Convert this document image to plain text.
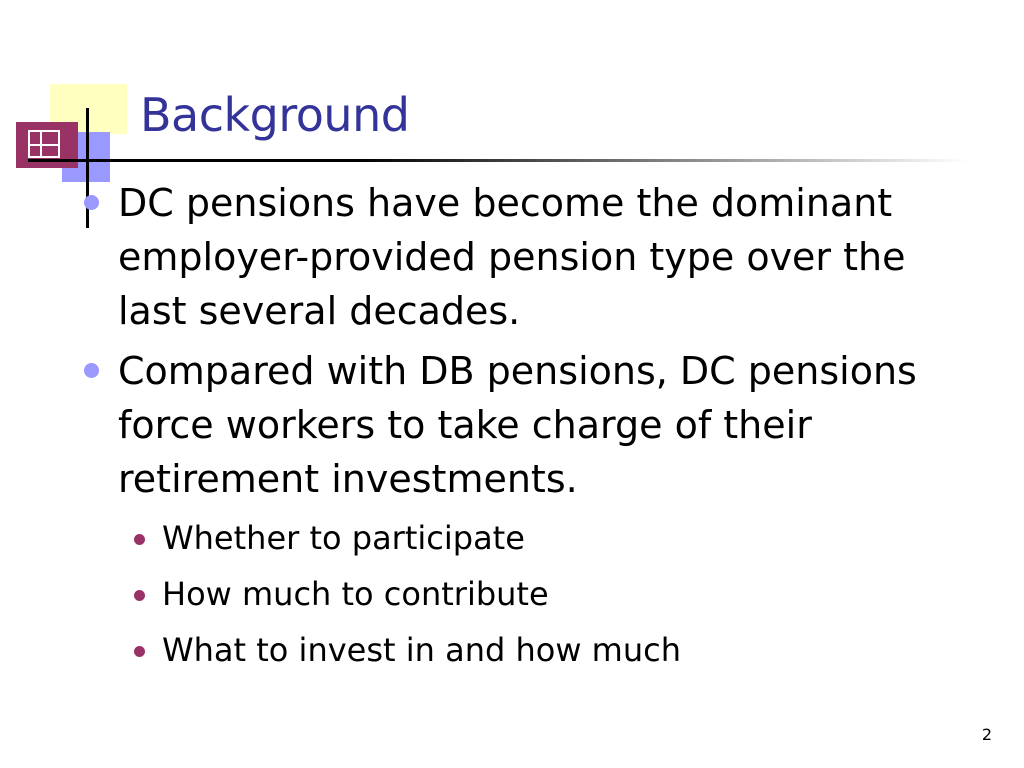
Background
DC pensions have become the dominant employer-provided pension type over the last several decades.
Compared with DB pensions, DC pensions force workers to take charge of their retirement investments.
Whether to participate
How much to contribute
What to invest in and how much
2
